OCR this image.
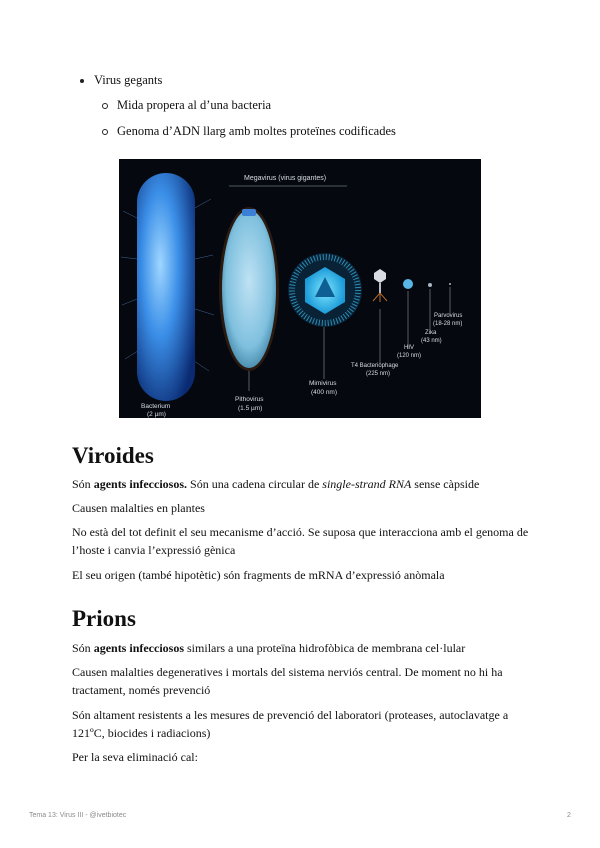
Virus gegants
Mida propera al d’una bacteria
Genoma d’ADN llarg amb moltes proteïnes codificades
Megavirus (virus gigantes)
Bacterium
(2 µm)
Pithovirus
(1.5 µm)
Mimivirus
(400 nm)
T4 Bacteriophage
(225 nm)
HIV
(120 nm)
Zika
(43 nm)
Parvovirus
(18-28 nm)
Viroides

Són agents infecciosos. Són una cadena circular de single-strand RNA sense càpside

Causen malalties en plantes

No està del tot definit el seu mecanisme d’acció. Se suposa que interacciona amb el genoma de l’hoste i canvia l’expressió gènica

El seu origen (també hipotètic) són fragments de mRNA d’expressió anòmala

Prions

Són agents infecciosos similars a una proteïna hidrofòbica de membrana cel·lular

Causen malalties degeneratives i mortals del sistema nerviós central. De moment no hi ha tractament, només prevenció

Són altament resistents a les mesures de prevenció del laboratori (proteases, autoclavatge a 121ºC, biocides i radiacions)

Per la seva eliminació cal:

Tema 13: Virus III - @ivetbiotec	2
